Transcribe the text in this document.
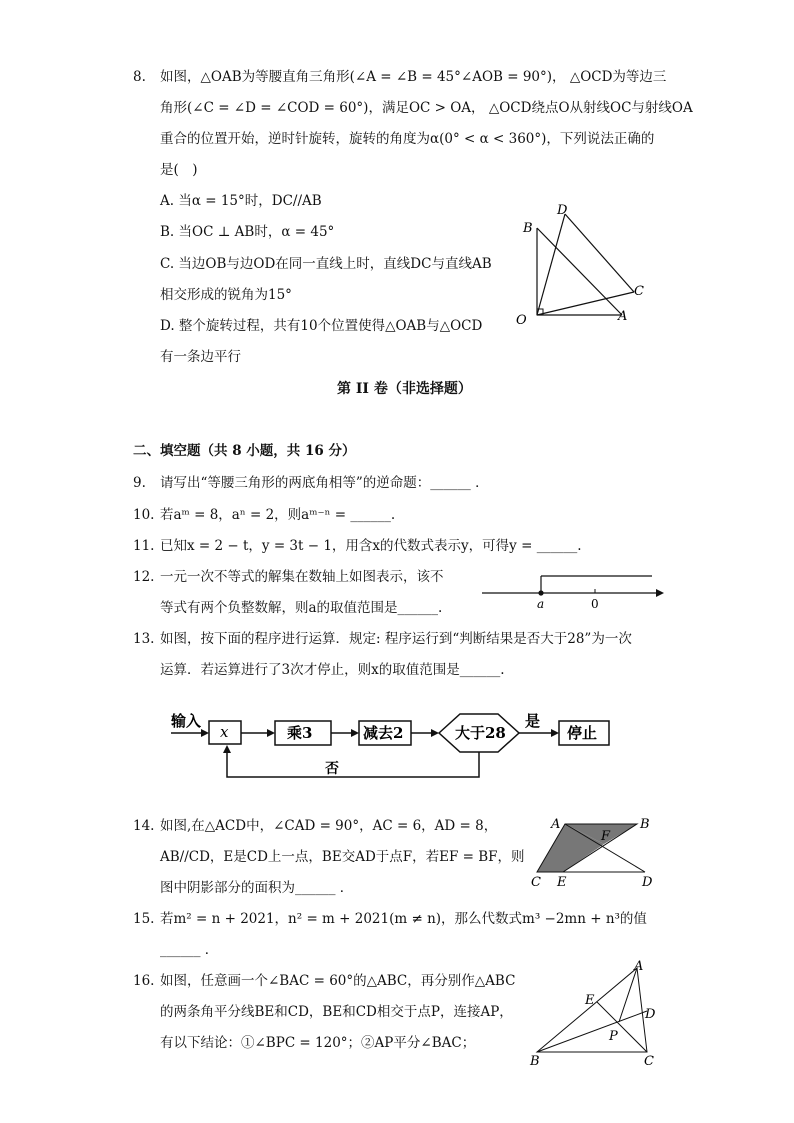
8. 如图，△OAB为等腰直角三角形(∠A = ∠B = 45°∠AOB = 90°)， △OCD为等边三
角形(∠C = ∠D = ∠COD = 60°)，满足OC > OA， △OCD绕点O从射线OC与射线OA
重合的位置开始，逆时针旋转，旋转的角度为α(0° < α < 360°)，下列说法正确的
是(　)
A. 当α = 15°时，DC//AB
B. 当OC ⊥ AB时，α = 45°
C. 当边OB与边OD在同一直线上时，直线DC与直线AB
相交形成的锐角为15°
D. 整个旋转过程，共有10个位置使得△OAB与△OCD
有一条边平行
D
B
C
O	A
第 II 卷（非选择题）
二、填空题（共 8 小题，共 16 分）
9. 请写出“等腰三角形的两底角相等”的逆命题：______ ．
10. 若aᵐ = 8，aⁿ = 2，则aᵐ⁻ⁿ = ______.
11. 已知x = 2 − t，y = 3t − 1，用含x的代数式表示y，可得y = ______.
12. 一元一次不等式的解集在数轴上如图表示，该不
等式有两个负整数解，则a的取值范围是______.	a	0
13. 如图，按下面的程序进行运算．规定: 程序运行到“判断结果是否大于28”为一次
运算．若运算进行了3次才停止，则x的取值范围是______.
输入
x	乘3	减去2	大于28
是
停止
否
14. 如图,在△ACD中，∠CAD = 90°，AC = 6，AD = 8，
AB//CD，E是CD上一点，BE交AD于点F，若EF = BF，则
图中阴影部分的面积为______ ．
A	B
F
C E	D
15. 若m² = n + 2021，n² = m + 2021(m ≠ n)，那么代数式m³ −2mn + n³的值
______ ．
16. 如图，任意画一个∠BAC = 60°的△ABC，再分别作△ABC
的两条角平分线BE和CD，BE和CD相交于点P，连接AP，
有以下结论：①∠BPC = 120°；②AP平分∠BAC；
A
E
D
P
B	C
